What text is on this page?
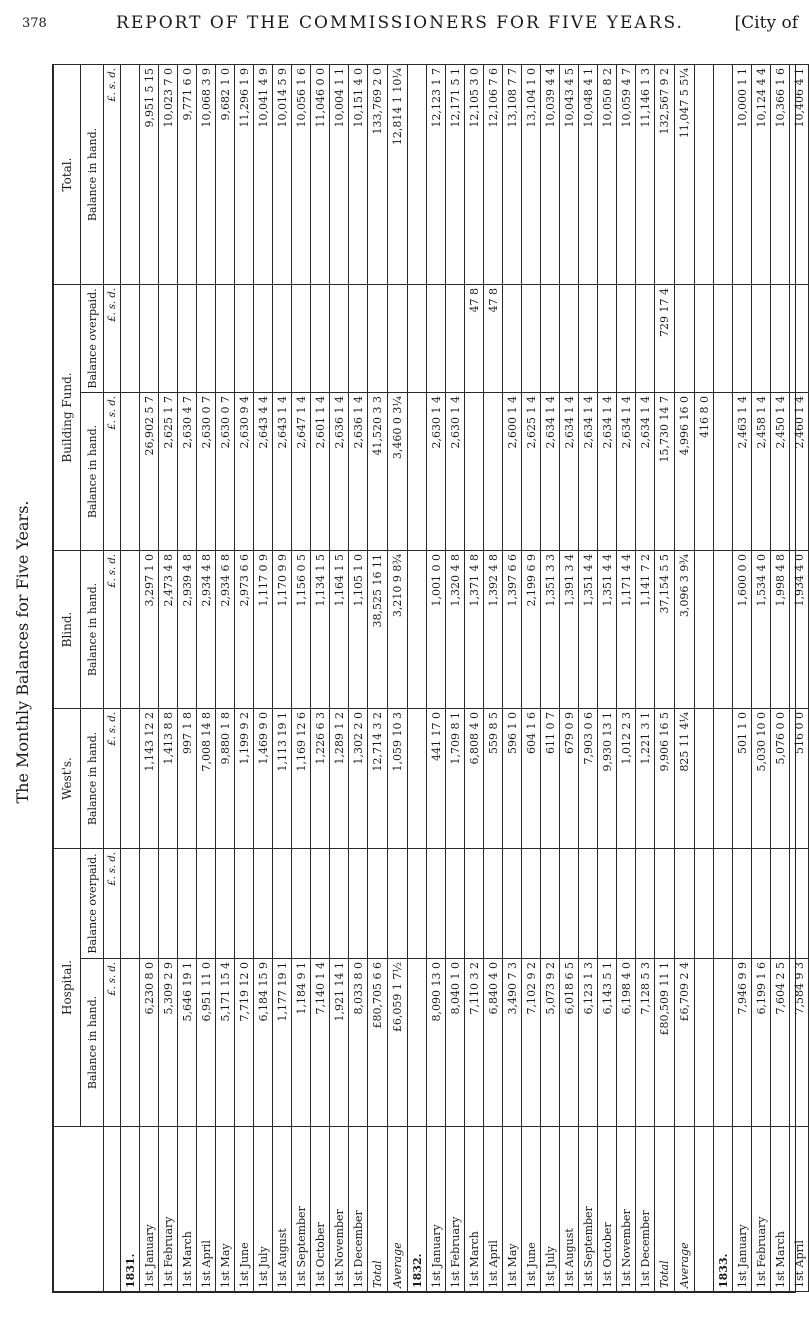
378	REPORT OF THE COMMISSIONERS FOR FIVE YEARS.	[City of
The Monthly Balances for Five Years.
	Hospital.		West's.	Blind.	Building Fund.		Total.
	Balance in hand.	Balance overpaid.	Balance in hand.	Balance in hand.	Balance in hand.	Balance overpaid.	Balance in hand.
	£. s. d.	£. s. d.	£. s. d.	£. s. d.	£. s. d.	£. s. d.	£. s. d.
1831.							
1st January	6,230 8 0		1,143 12 2	3,297 1 0	26,902 5 7		9,951 5 15
1st February	5,309 2 9		1,413 8 8	2,473 4 8	2,625 1 7		10,023 7 0
1st March	5,646 19 1		997 1 8	2,939 4 8	2,630 4 7		9,771 6 0
1st April	6,951 11 0		7,008 14 8	2,934 4 8	2,630 0 7		10,068 3 9
1st May	5,171 15 4		9,880 1 8	2,934 6 8	2,630 0 7		9,682 1 0
1st June	7,719 12 0		1,199 9 2	2,973 6 6	2,630 9 4		11,296 1 9
1st July	6,184 15 9		1,469 9 0	1,117 0 9	2,643 4 4		10,041 4 9
1st August	1,177 19 1		1,113 19 1	1,170 9 9	2,643 1 4		10,014 5 9
1st September	1,184 9 1		1,169 12 6	1,156 0 5	2,647 1 4		10,056 1 6
1st October	7,140 1 4		1,226 6 3	1,134 1 5	2,601 1 4		11,046 0 0
1st November	1,921 14 1		1,289 1 2	1,164 1 5	2,636 1 4		10,004 1 1
1st December	8,033 8 0		1,302 2 0	1,105 1 0	2,636 1 4		10,151 4 0
Total	£80,705 6 6		12,714 3 2	38,525 16 11	41,520 3 3		133,769 2 0
Average	£6,059 1 7½		1,059 10 3	3,210 9 8¾	3,460 0 3¼		12,814 1 10¼
1832.							
1st January	8,090 13 0		441 17 0	1,001 0 0	2,630 1 4		12,123 1 7
1st February	8,040 1 0		1,709 8 1	1,320 4 8	2,630 1 4		12,171 5 1
1st March	7,110 3 2		6,808 4 0	1,371 4 8		47 8	12,105 3 0
1st April	6,840 4 0		559 8 5	1,392 4 8		47 8	12,106 7 6
1st May	3,490 7 3		596 1 0	1,397 6 6	2,600 1 4		13,108 7 7
1st June	7,102 9 2		604 1 6	2,199 6 9	2,625 1 4		13,104 1 0
1st July	5,073 9 2		611 0 7	1,351 3 3	2,634 1 4		10,039 4 4
1st August	6,018 6 5		679 0 9	1,391 3 4	2,634 1 4		10,043 4 5
1st September	6,123 1 3		7,903 0 6	1,351 4 4	2,634 1 4		10,048 4 1
1st October	6,143 5 1		9,930 13 1	1,351 4 4	2,634 1 4		10,050 8 2
1st November	6,198 4 0		1,012 2 3	1,171 4 4	2,634 1 4		10,059 4 7
1st December	7,128 5 3		1,221 3 1	1,141 7 2	2,634 1 4		11,146 1 3
Total	£80,509 11 1		9,906 16 5	37,154 5 5	15,730 14 7	729 17 4	132,567 9 2
Average	£6,709 2 4		825 11 4¼	3,096 3 9¾	4,996 16 0		11,047 5 5¼
					416 8 0		
1833.							
1st January	7,946 9 9		501 1 0	1,600 0 0	2,463 1 4		10,000 1 1
1st February	6,199 1 6		5,030 10 0	1,534 4 0	2,458 1 4		10,124 4 4
1st March	7,604 2 5		5,076 0 0	1,998 4 8	2,450 1 4		10,366 1 6
1st April	7,584 9 3		516 0 0	1,934 4 0	2,460 1 4		10,406 4 1
